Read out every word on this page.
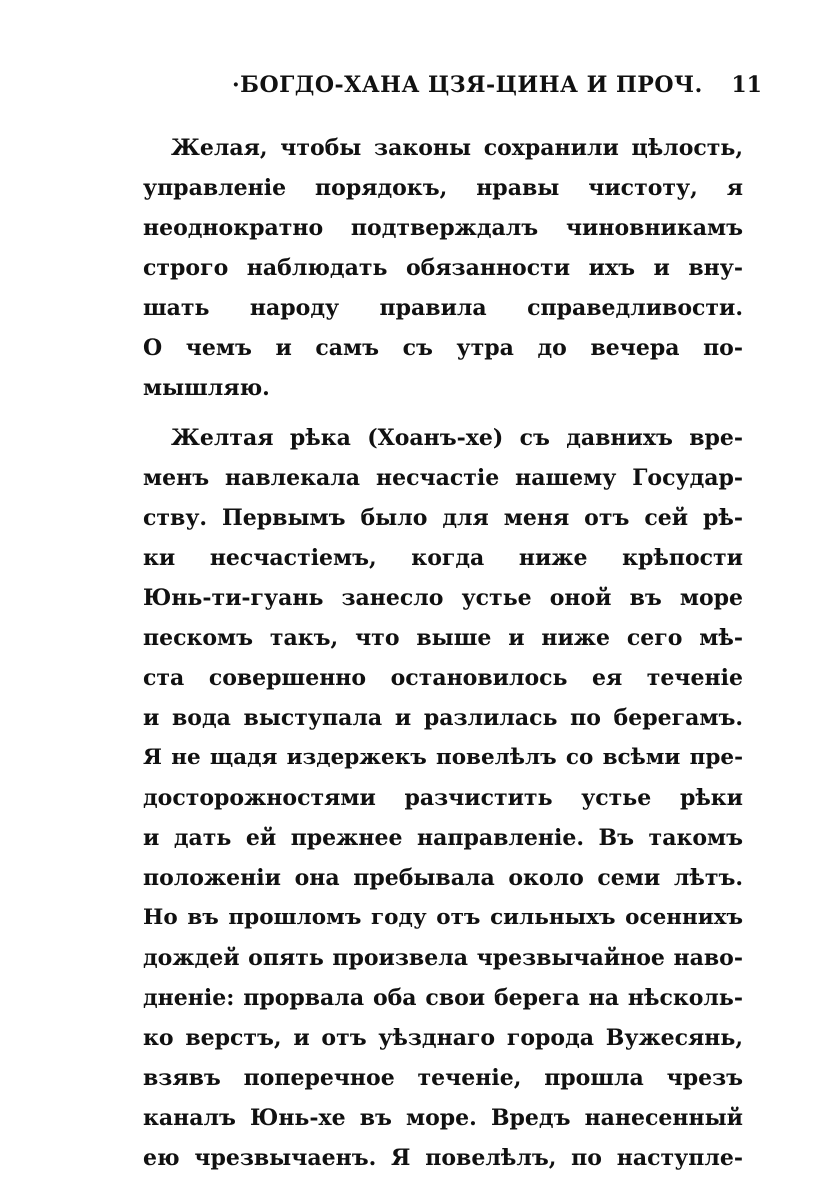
·БОГДО-ХАНА ЦЗЯ-ЦИНА И ПРОЧ. 11
Желая, чтобы законы сохранили цѣлость,
управленіе порядокъ, нравы чистоту, я
неоднократно подтверждалъ чиновникамъ
строго наблюдать обязанности ихъ и вну-
шать народу правила справедливости.
О чемъ и самъ съ утра до вечера по-
мышляю.
Желтая рѣка (Хоанъ-хе) съ давнихъ вре-
менъ навлекала несчастіе нашему Государ-
ству. Первымъ было для меня отъ сей рѣ-
ки несчастіемъ, когда ниже крѣпости
Юнь-ти-гуань занесло устье оной въ море
пескомъ такъ, что выше и ниже сего мѣ-
ста совершенно остановилось ея теченіе
и вода выступала и разлилась по берегамъ.
Я не щадя издержекъ повелѣлъ со всѣми пре-
досторожностями разчистить устье рѣки
и дать ей прежнее направленіе. Въ такомъ
положеніи она пребывала около семи лѣтъ.
Но въ прошломъ году отъ сильныхъ осеннихъ
дождей опять произвела чрезвычайное наво-
дненіе: прорвала оба свои берега на нѣсколь-
ко верстъ, и отъ уѣзднаго города Вужесянь,
взявъ поперечное теченіе, прошла чрезъ
каналъ Юнь-хе въ море. Вредъ нанесенный
ею чрезвычаенъ. Я повелѣлъ, по наступле-
